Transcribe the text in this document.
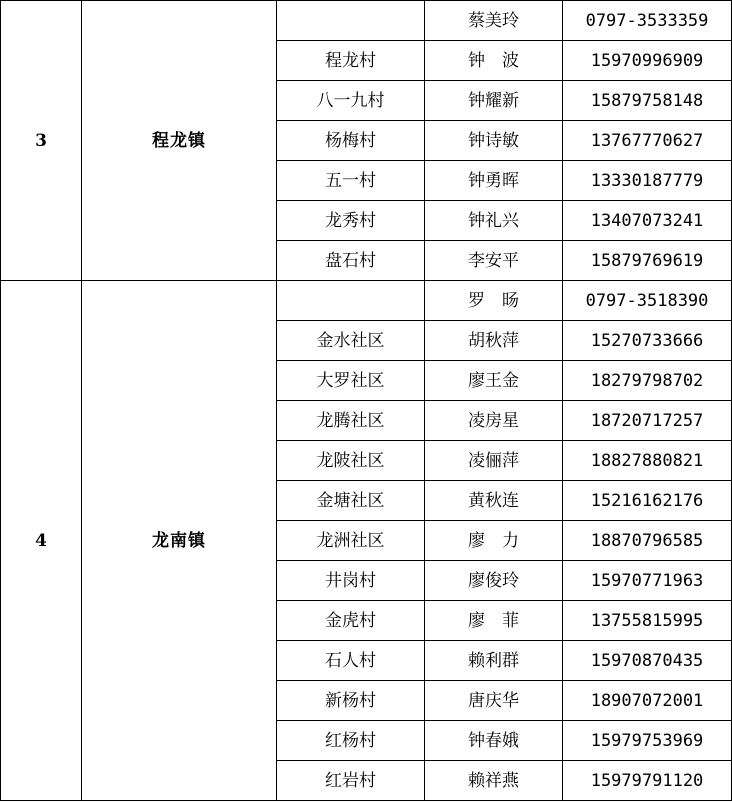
3	程龙镇		蔡美玲	0797-3533359
		程龙村	钟　波	15970996909
		八一九村	钟耀新	15879758148
		杨梅村	钟诗敏	13767770627
		五一村	钟勇晖	13330187779
		龙秀村	钟礼兴	13407073241
		盘石村	李安平	15879769619
4	龙南镇		罗　旸	0797-3518390
		金水社区	胡秋萍	15270733666
		大罗社区	廖王金	18279798702
		龙腾社区	凌房星	18720717257
		龙陂社区	凌俪萍	18827880821
		金塘社区	黄秋连	15216162176
		龙洲社区	廖　力	18870796585
		井岗村	廖俊玲	15970771963
		金虎村	廖　菲	13755815995
		石人村	赖利群	15970870435
		新杨村	唐庆华	18907072001
		红杨村	钟春娥	15979753969
		红岩村	赖祥燕	15979791120
